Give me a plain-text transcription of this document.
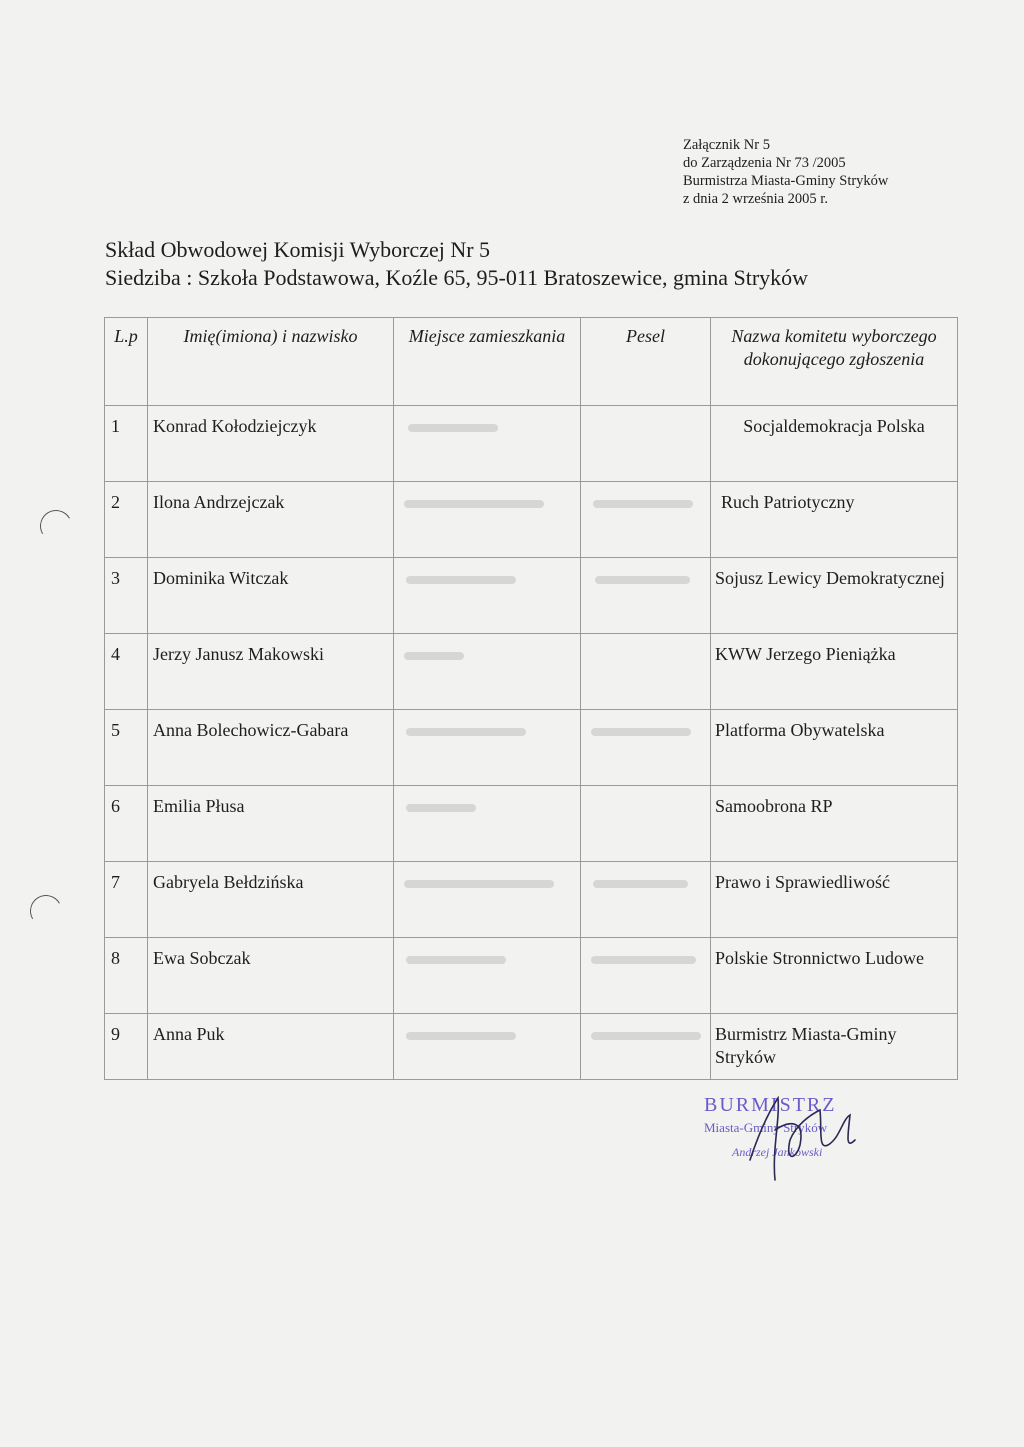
Załącznik Nr 5
do Zarządzenia Nr 73 /2005
Burmistrza Miasta-Gminy Stryków
z dnia 2 września 2005 r.
Skład Obwodowej Komisji Wyborczej Nr 5
Siedziba : Szkoła Podstawowa, Koźle 65, 95-011 Bratoszewice, gmina Stryków
L.p	Imię(imiona) i nazwisko	Miejsce zamieszkania	Pesel	Nazwa komitetu wyborczego dokonującego zgłoszenia
1	Konrad Kołodziejczyk			Socjaldemokracja Polska
2	Ilona Andrzejczak			Ruch Patriotyczny
3	Dominika Witczak			Sojusz Lewicy Demokratycznej
4	Jerzy Janusz Makowski			KWW Jerzego Pieniążka
5	Anna Bolechowicz-Gabara			Platforma Obywatelska
6	Emilia Płusa			Samoobrona RP
7	Gabryela Bełdzińska			Prawo i Sprawiedliwość
8	Ewa Sobczak			Polskie Stronnictwo Ludowe
9	Anna Puk			Burmistrz Miasta-Gminy Stryków
BURMISTRZ
Miasta-Gminy Stryków
Andrzej Jankowski
